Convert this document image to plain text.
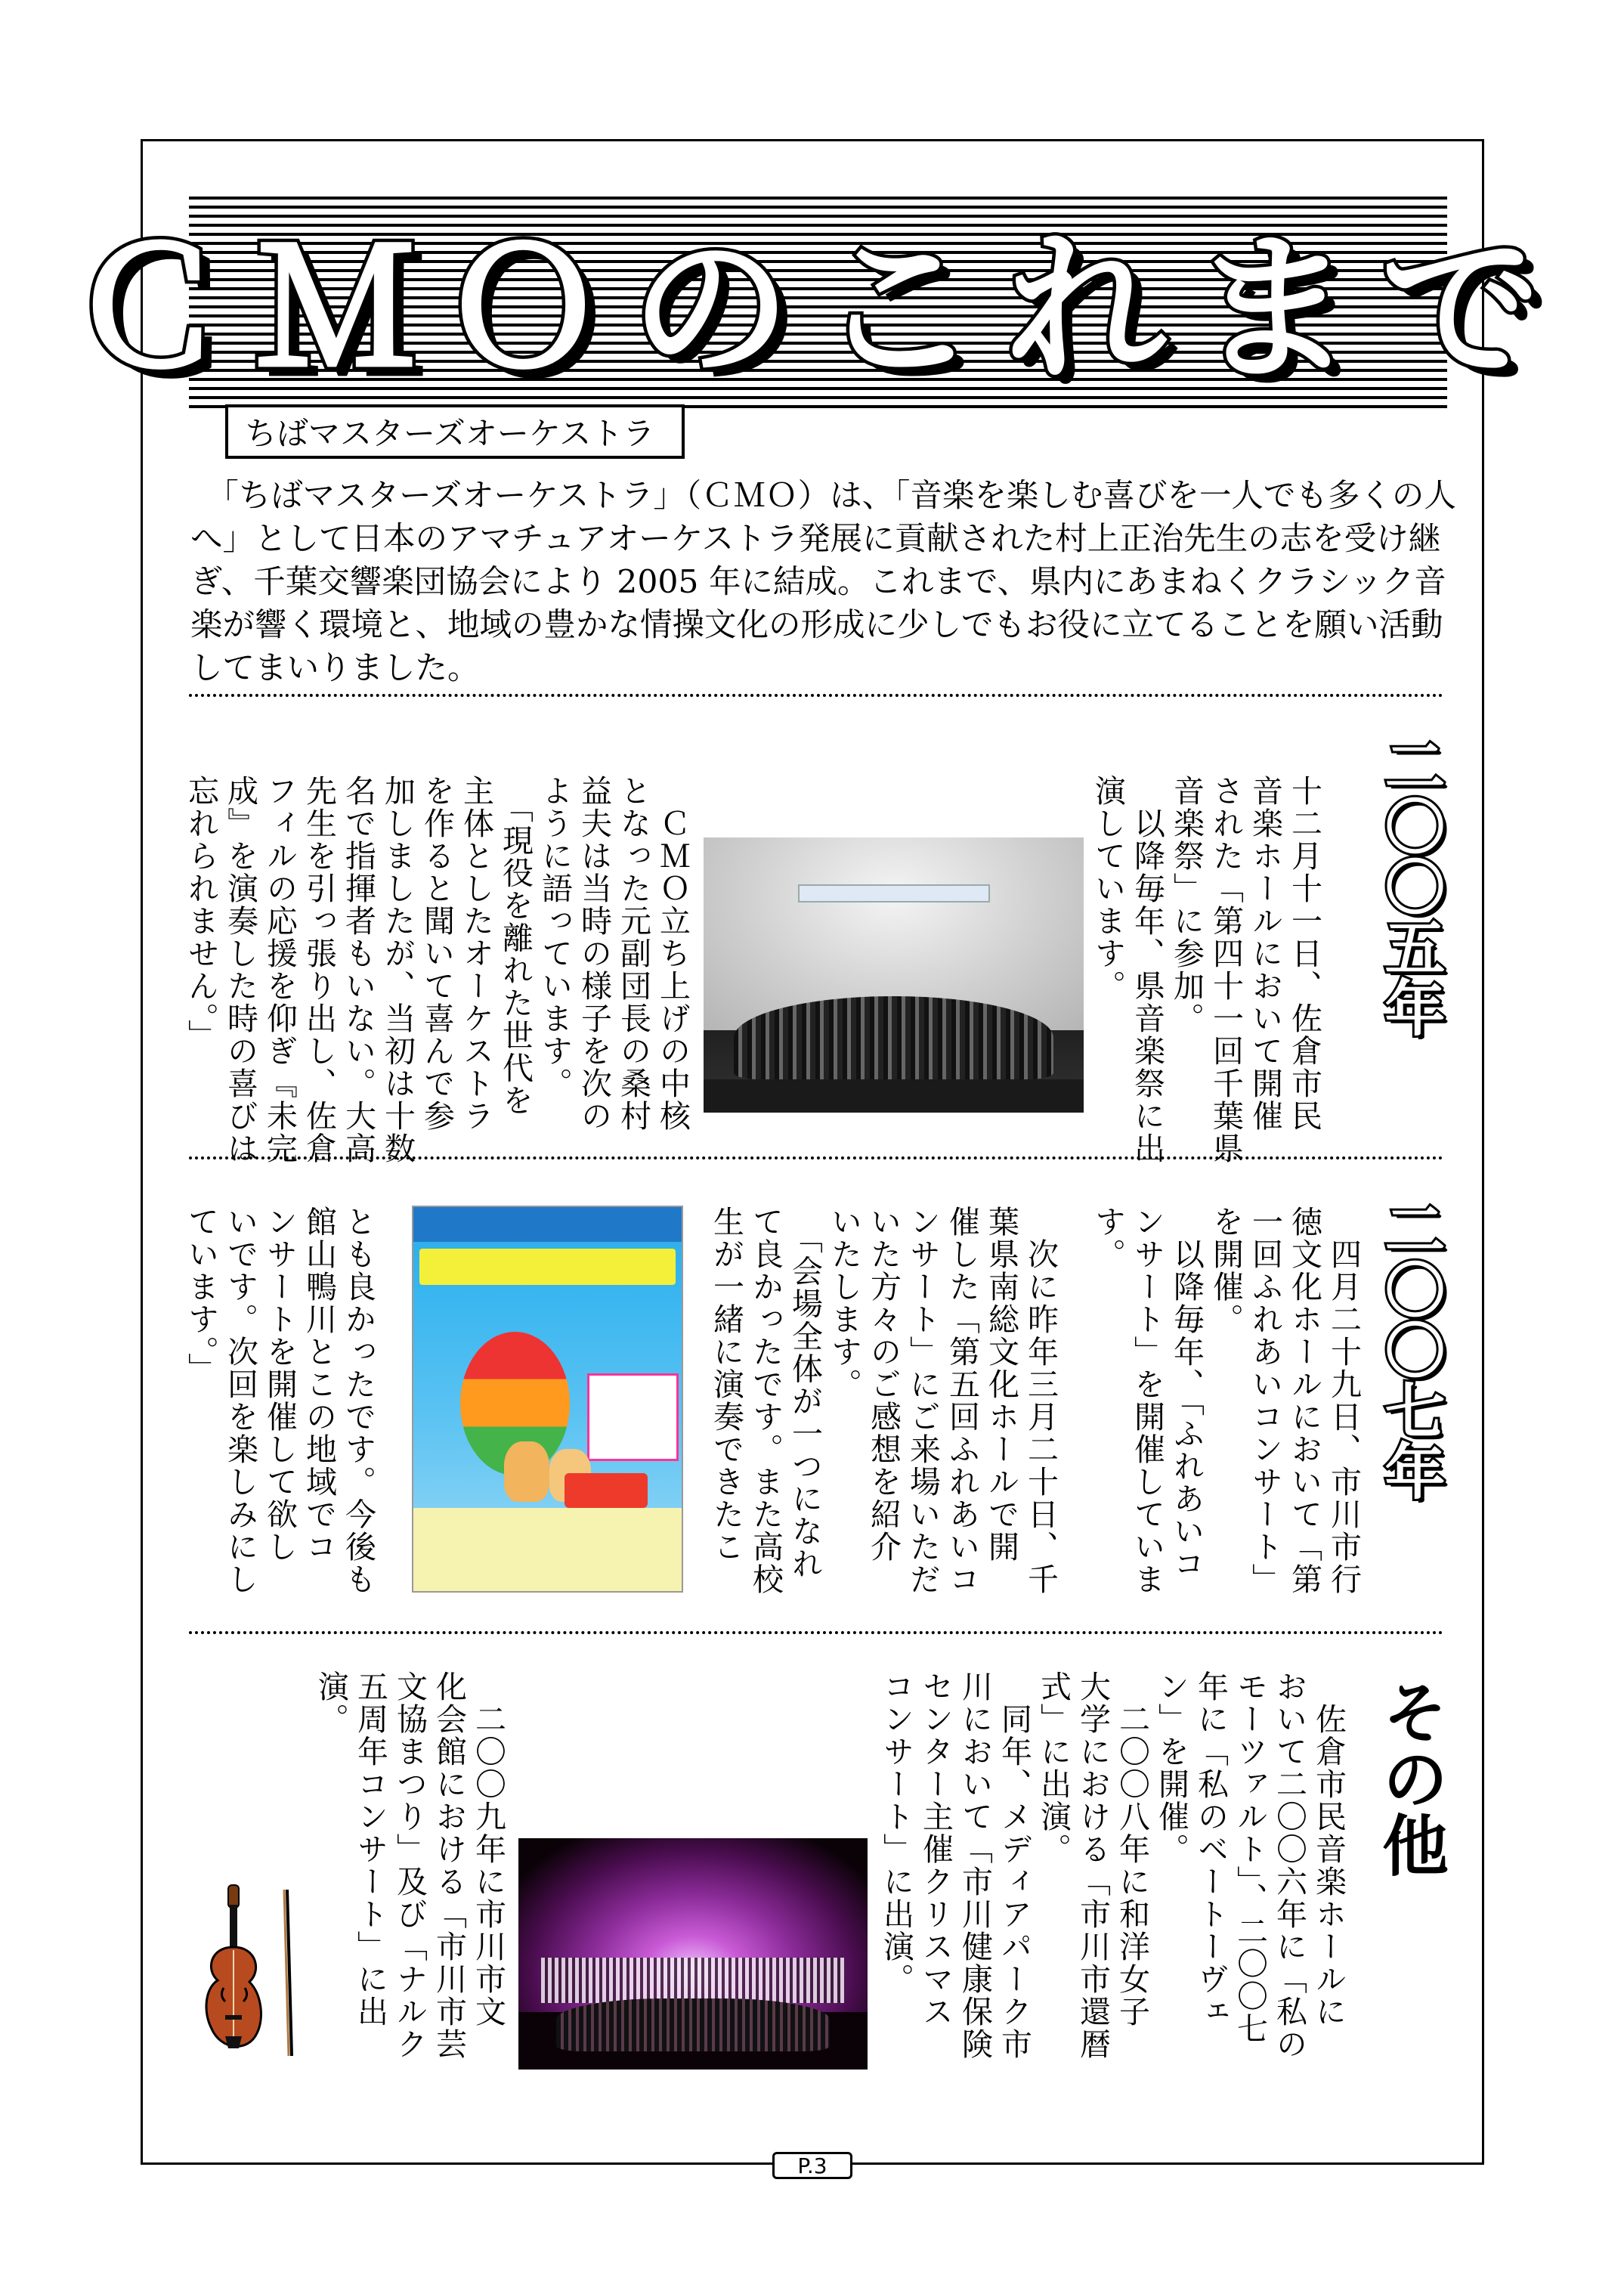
ＣＭＯのこれまで
ちばマスターズオーケストラ
　「ちばマスターズオーケストラ」（ＣＭＯ）は、「音楽を楽しむ喜びを一人でも多くの人
へ」として日本のアマチュアオーケストラ発展に貢献された村上正治先生の志を受け継
ぎ、千葉交響楽団協会により 2005 年に結成。これまで、県内にあまねくクラシック音
楽が響く環境と、地域の豊かな情操文化の形成に少しでもお役に立てることを願い活動
してまいりました。
二〇〇五年
十二月十一日、佐倉市民
音楽ホールにおいて開催
された「第四十一回千葉県
音楽祭」に参加。
　以降毎年、県音楽祭に出
演しています。
　ＣＭＯ立ち上げの中核
となった元副団長の桑村
益夫は当時の様子を次の
ように語っています。
　「現役を離れた世代を
主体としたオーケストラ
を作ると聞いて喜んで参
加しましたが、当初は十数
名で指揮者もいない。大高
先生を引っ張り出し、佐倉
フィルの応援を仰ぎ『未完
成』を演奏した時の喜びは
忘れられません。」
二〇〇七年
　四月二十九日、市川市行
徳文化ホールにおいて「第
一回ふれあいコンサート」
を開催。
　以降毎年、「ふれあいコ
ンサート」を開催していま
す。
　次に昨年三月二十日、千
葉県南総文化ホールで開
催した「第五回ふれあいコ
ンサート」にご来場いただ
いた方々のご感想を紹介
いたします。
　「会場全体が一つになれ
て良かったです。また高校
生が一緒に演奏できたこ
とも良かったです。今後も
館山鴨川とこの地域でコ
ンサートを開催して欲し
いです。次回を楽しみにし
ています。」
その他
　佐倉市民音楽ホールに
おいて二〇〇六年に「私の
モーツァルト」、二〇〇七
年に「私のベートーヴェ
ン」を開催。
　二〇〇八年に和洋女子
大学における「市川市還暦
式」に出演。
　同年、メディアパーク市
川において「市川健康保険
センター主催クリスマス
コンサート」に出演。
　二〇〇九年に市川市文
化会館における「市川市芸
文協まつり」及び「ナルク
五周年コンサート」に出
演。
P.3
